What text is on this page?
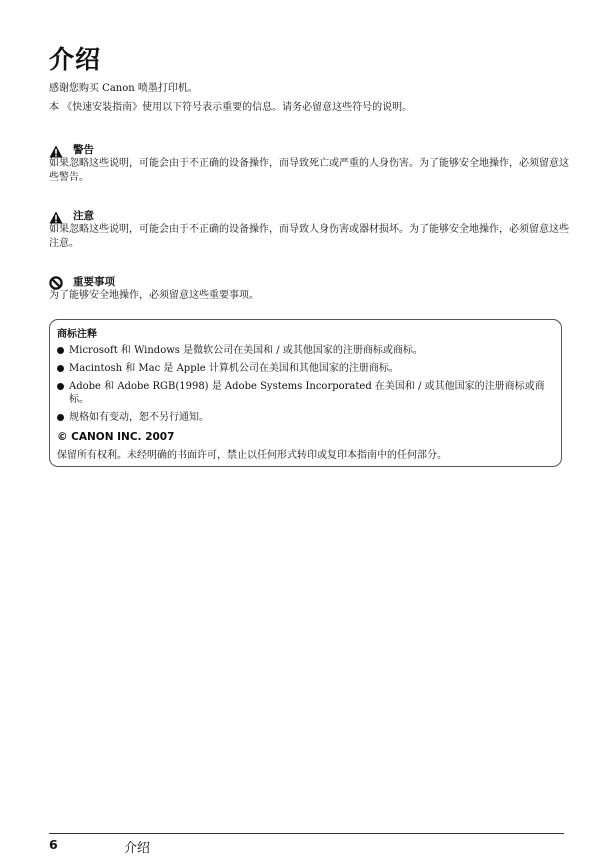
介绍
感谢您购买 Canon 喷墨打印机。
本 《快速安装指南》使用以下符号表示重要的信息。请务必留意这些符号的说明。
警告
如果忽略这些说明，可能会由于不正确的设备操作，而导致死亡或严重的人身伤害。为了能够安全地操作，必须留意这些警告。
注意
如果忽略这些说明，可能会由于不正确的设备操作，而导致人身伤害或器材损坏。为了能够安全地操作，必须留意这些注意。
重要事项
为了能够安全地操作，必须留意这些重要事项。
商标注释
Microsoft 和 Windows 是微软公司在美国和 / 或其他国家的注册商标或商标。
Macintosh 和 Mac 是 Apple 计算机公司在美国和其他国家的注册商标。
Adobe 和 Adobe RGB(1998) 是 Adobe Systems Incorporated 在美国和 / 或其他国家的注册商标或商标。
规格如有变动，恕不另行通知。
© CANON INC. 2007
保留所有权利。未经明确的书面许可，禁止以任何形式转印或复印本指南中的任何部分。
6	介绍
